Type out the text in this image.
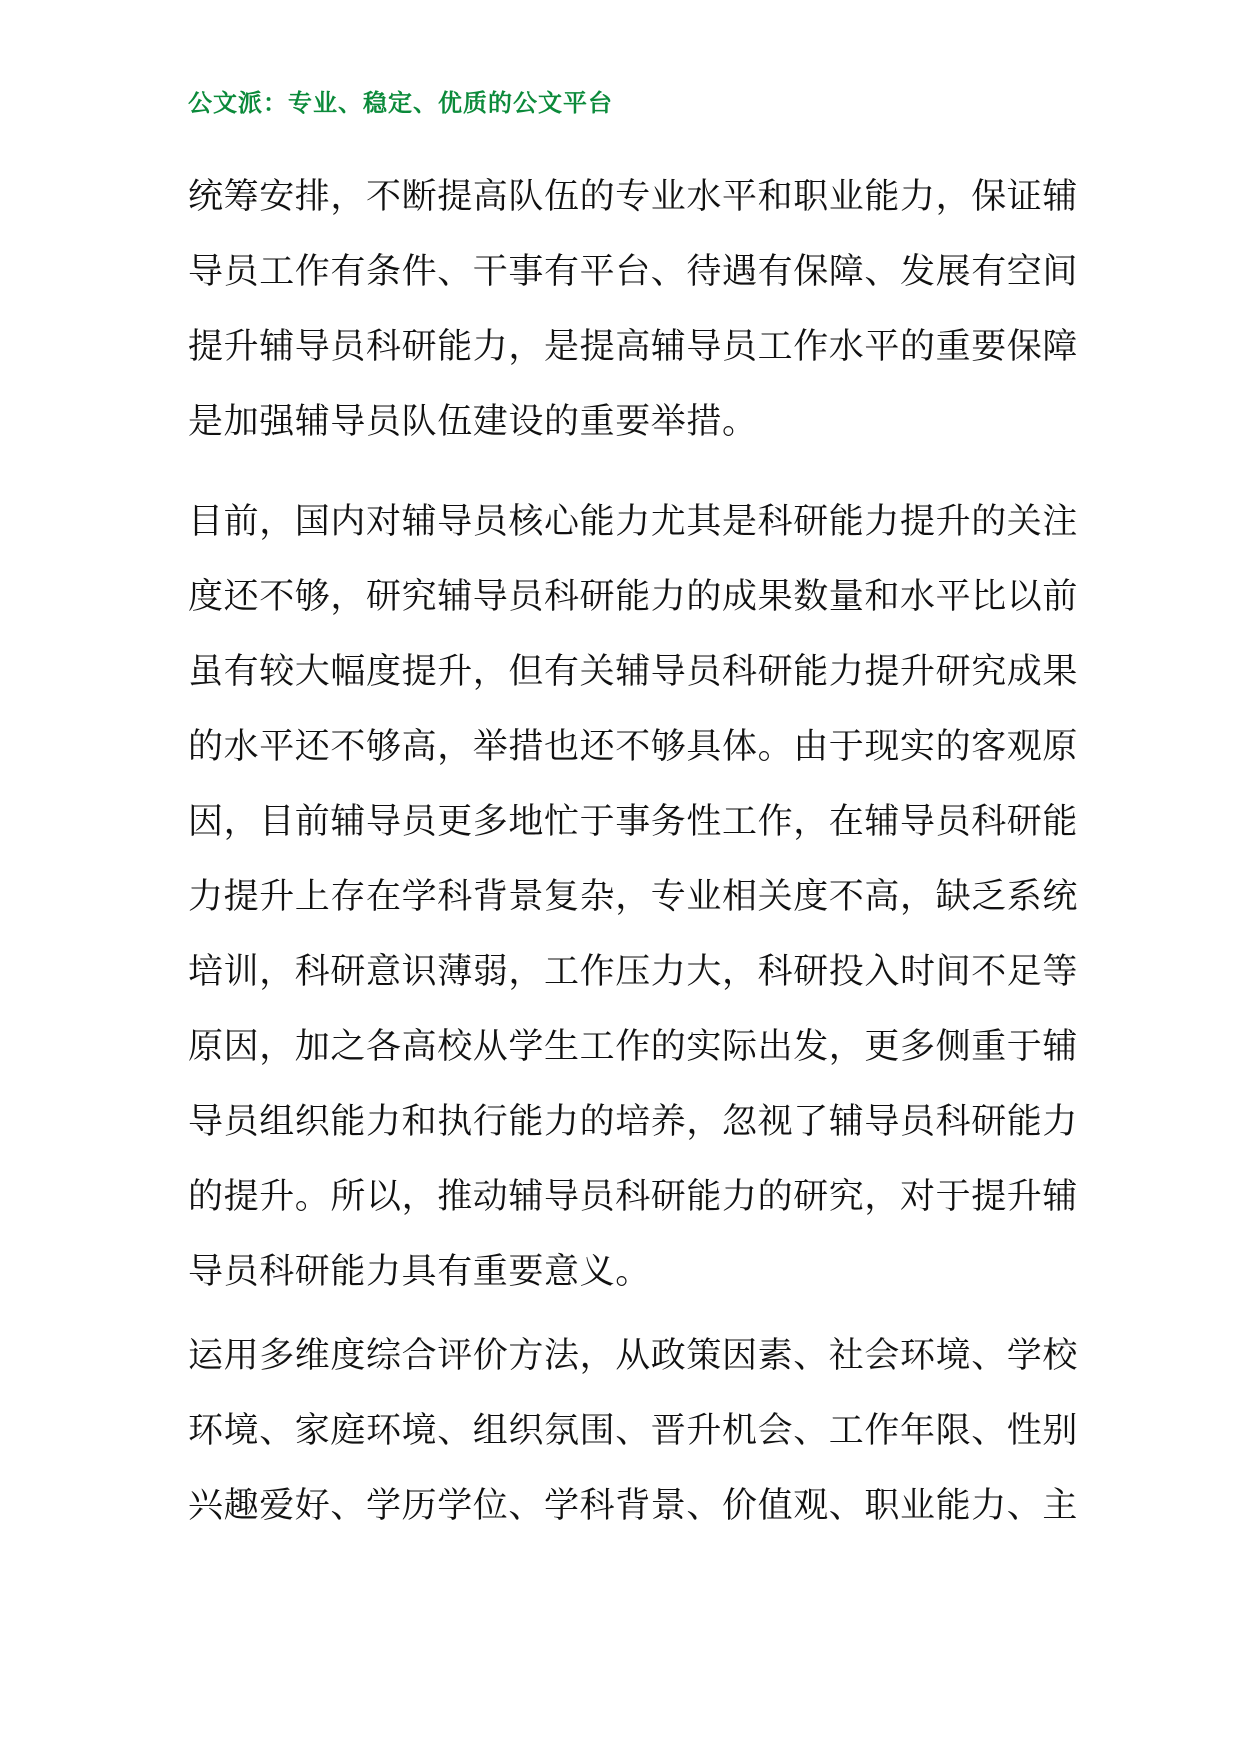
公文派：专业、稳定、优质的公文平台

统筹安排，不断提高队伍的专业水平和职业能力，保证辅
导员工作有条件、干事有平台、待遇有保障、发展有空间
提升辅导员科研能力，是提高辅导员工作水平的重要保障
是加强辅导员队伍建设的重要举措。

目前，国内对辅导员核心能力尤其是科研能力提升的关注
度还不够，研究辅导员科研能力的成果数量和水平比以前
虽有较大幅度提升，但有关辅导员科研能力提升研究成果
的水平还不够高，举措也还不够具体。由于现实的客观原
因，目前辅导员更多地忙于事务性工作，在辅导员科研能
力提升上存在学科背景复杂，专业相关度不高，缺乏系统
培训，科研意识薄弱，工作压力大，科研投入时间不足等
原因，加之各高校从学生工作的实际出发，更多侧重于辅
导员组织能力和执行能力的培养，忽视了辅导员科研能力
的提升。所以，推动辅导员科研能力的研究，对于提升辅
导员科研能力具有重要意义。

运用多维度综合评价方法，从政策因素、社会环境、学校
环境、家庭环境、组织氛围、晋升机会、工作年限、性别
兴趣爱好、学历学位、学科背景、价值观、职业能力、主
